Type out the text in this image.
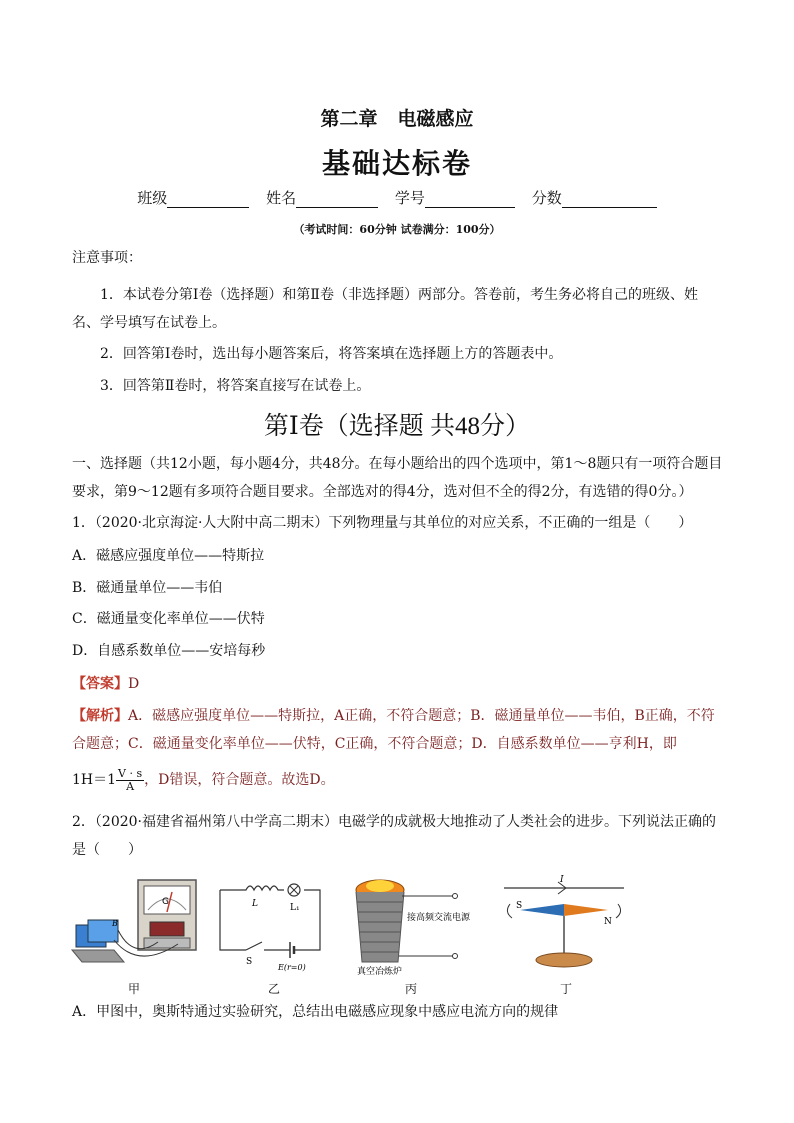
第二章 电磁感应
基础达标卷
班级	姓名	学号	分数
（考试时间：60分钟 试卷满分：100分）
注意事项：
1．本试卷分第Ⅰ卷（选择题）和第Ⅱ卷（非选择题）两部分。答卷前，考生务必将自己的班级、姓名、学号填写在试卷上。
2．回答第Ⅰ卷时，选出每小题答案后，将答案填在选择题上方的答题表中。
3．回答第Ⅱ卷时，将答案直接写在试卷上。
第Ⅰ卷（选择题 共48分）
一、选择题（共12小题，每小题4分，共48分。在每小题给出的四个选项中，第1～8题只有一项符合题目要求，第9～12题有多项符合题目要求。全部选对的得4分，选对但不全的得2分，有选错的得0分。）
1．（2020·北京海淀·人大附中高二期末）下列物理量与其单位的对应关系，不正确的一组是（　　）
A．磁感应强度单位——特斯拉
B．磁通量单位——韦伯
C．磁通量变化率单位——伏特
D．自感系数单位——安培每秒
【答案】D
【解析】A．磁感应强度单位——特斯拉，A正确，不符合题意；B．磁通量单位——韦伯，B正确，不符合题意；C．磁通量变化率单位——伏特，C正确，不符合题意；D．自感系数单位——亨利H，即
$1H=1 \frac{V \cdot s}{A}$ ，D错误，符合题意。故选D。
2．（2020·福建省福州第八中学高二期末）电磁学的成就极大地推动了人类社会的进步。下列说法正确的是（　　）
G
B
L	L₁
S
E(r=0)
接高频交流电源
真空冶炼炉
I
S
N
甲	乙	丙	丁
A．甲图中，奥斯特通过实验研究，总结出电磁感应现象中感应电流方向的规律
